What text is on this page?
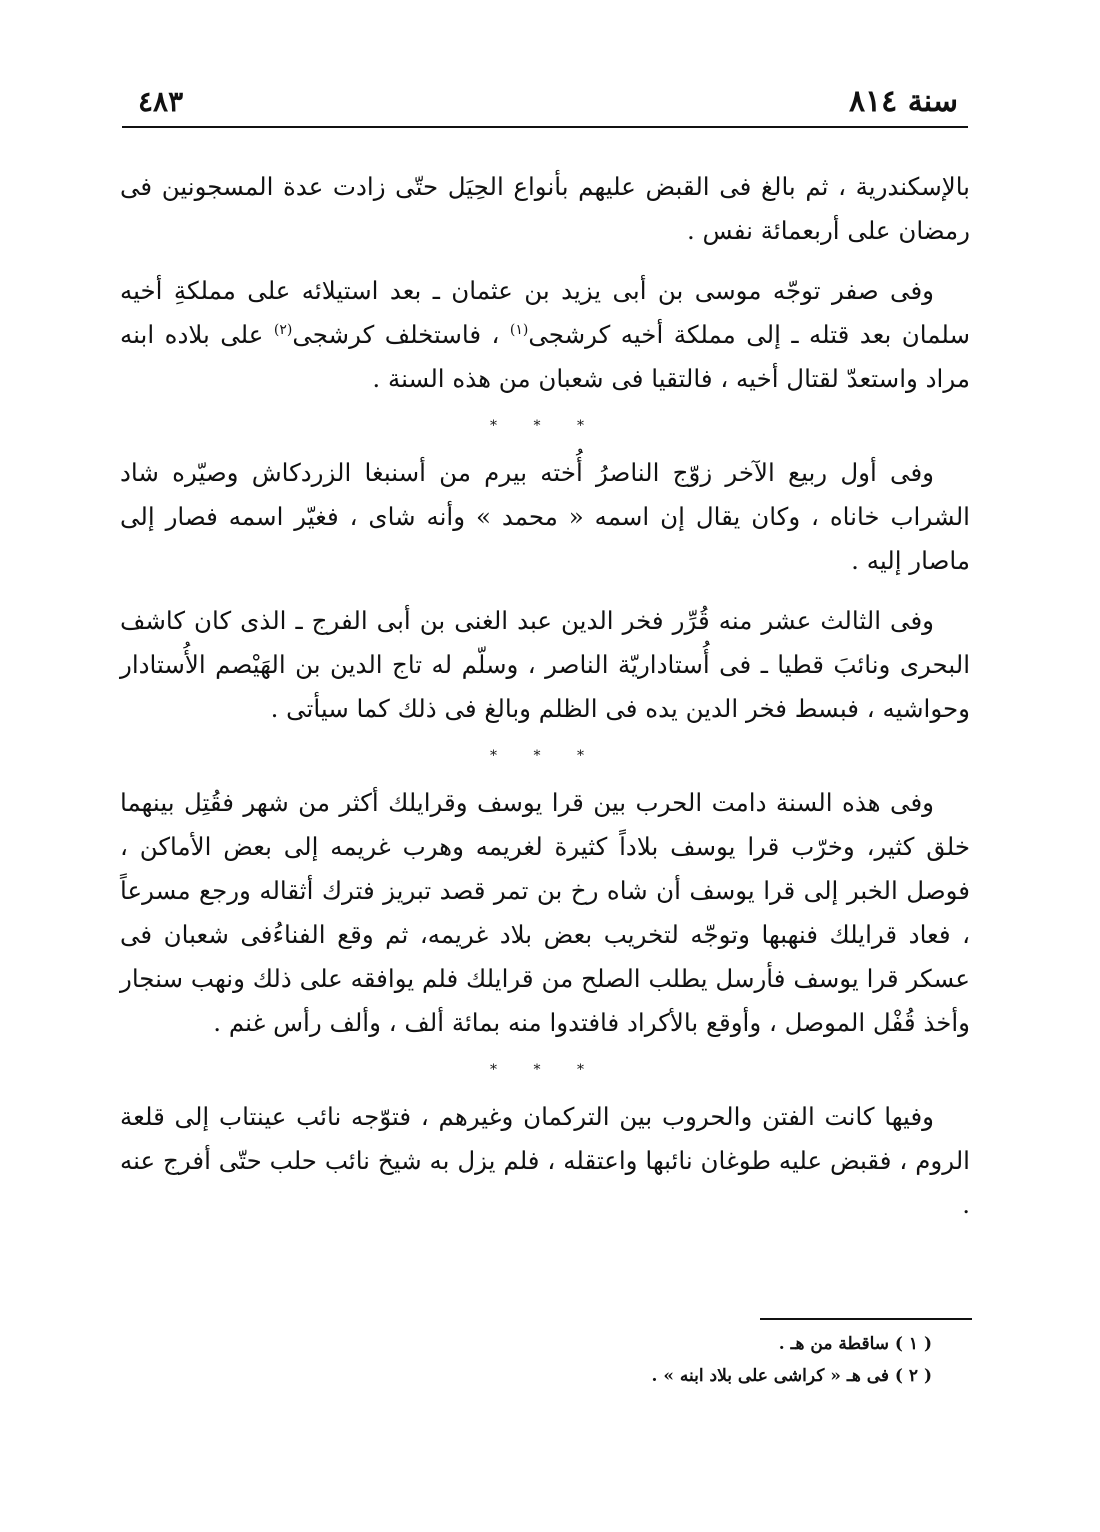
سنة ٨١٤
٤٨٣

بالإسكندرية ، ثم بالغ فى القبض عليهم بأنواع الحِيَل حتّى زادت عدة المسجونين فى رمضان على أربعمائة نفس .

وفى صفر توجّه موسى بن أبى يزيد بن عثمان ـ بعد استيلائه على مملكةِ أخيه سلمان بعد قتله ـ إلى مملكة أخيه كرشجى$^{(١)}$ ، فاستخلف كرشجى$^{(٢)}$ على بلاده ابنه مراد واستعدّ لقتال أخيه ، فالتقيا فى شعبان من هذه السنة .

* * *

وفى أول ربيع الآخر زوّج الناصرُ أُخته بيرم من أسنبغا الزردكاش وصيّره شاد الشراب خاناه ، وكان يقال إن اسمه « محمد » وأنه شاى ، فغيّر اسمه فصار إلى ماصار إليه .

وفى الثالث عشر منه قُرِّر فخر الدين عبد الغنى بن أبى الفرج ـ الذى كان كاشف البحرى ونائبَ قطيا ـ فى أُستاداريّة الناصر ، وسلّم له تاج الدين بن الهَيْصم الأُستادار وحواشيه ، فبسط فخر الدين يده فى الظلم وبالغ فى ذلك كما سيأتى .

* * *

وفى هذه السنة دامت الحرب بين قرا يوسف وقرايلك أكثر من شهر فقُتِل بينهما خلق كثير، وخرّب قرا يوسف بلاداً كثيرة لغريمه وهرب غريمه إلى بعض الأماكن ، فوصل الخبر إلى قرا يوسف أن شاه رخ بن تمر قصد تبريز فترك أثقاله ورجع مسرعاً ، فعاد قرايلك فنهبها وتوجّه لتخريب بعض بلاد غريمه، ثم وقع الفناءُفى شعبان فى عسكر قرا يوسف فأرسل يطلب الصلح من قرايلك فلم يوافقه على ذلك ونهب سنجار وأخذ قُفْل الموصل ، وأوقع بالأكراد فافتدوا منه بمائة ألف ، وألف رأس غنم .

* * *

وفيها كانت الفتن والحروب بين التركمان وغيرهم ، فتوّجه نائب عينتاب إلى قلعة الروم ، فقبض عليه طوغان نائبها واعتقله ، فلم يزل به شيخ نائب حلب حتّى أفرج عنه .

( ١ ) ساقطة من هـ .
( ٢ ) فى هـ « كراشى على بلاد ابنه » .
